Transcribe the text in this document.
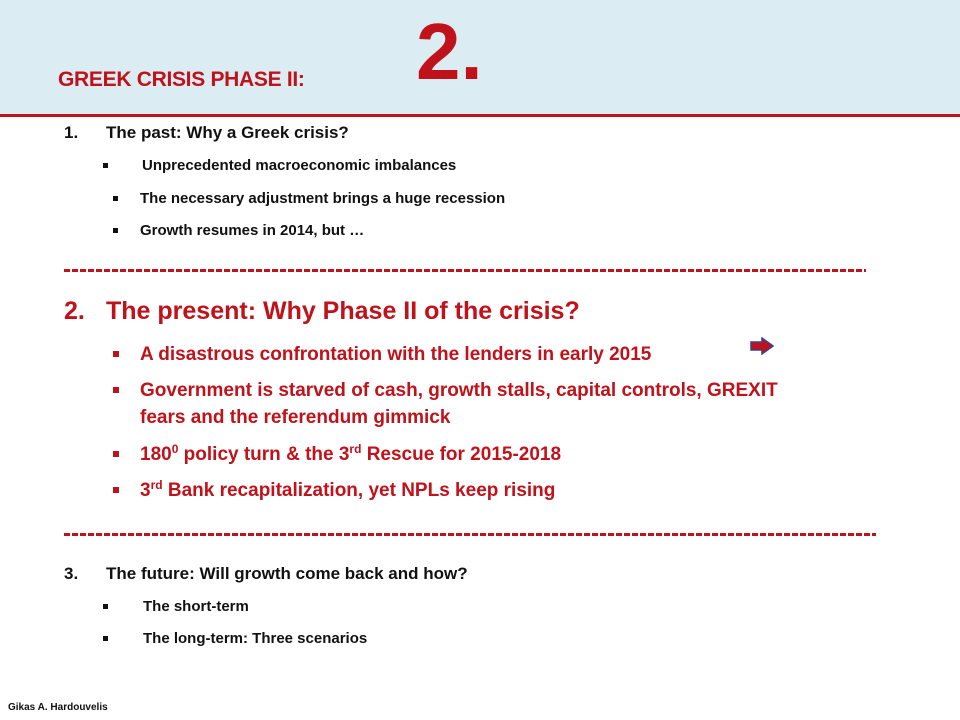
GREEK CRISIS PHASE II: 2.
1. The past: Why a Greek crisis?
Unprecedented macroeconomic imbalances
The necessary adjustment brings a huge recession
Growth resumes in 2014, but …
2. The present: Why Phase II of the crisis?
A disastrous confrontation with the lenders in early 2015
Government is starved of cash, growth stalls, capital controls, GREXIT
fears and the referendum gimmick
$180^0$ policy turn & the 3rd Rescue for 2015-2018
3rd Bank recapitalization, yet NPLs keep rising
3. The future: Will growth come back and how?
The short-term
The long-term: Three scenarios
Gikas A. Hardouvelis
